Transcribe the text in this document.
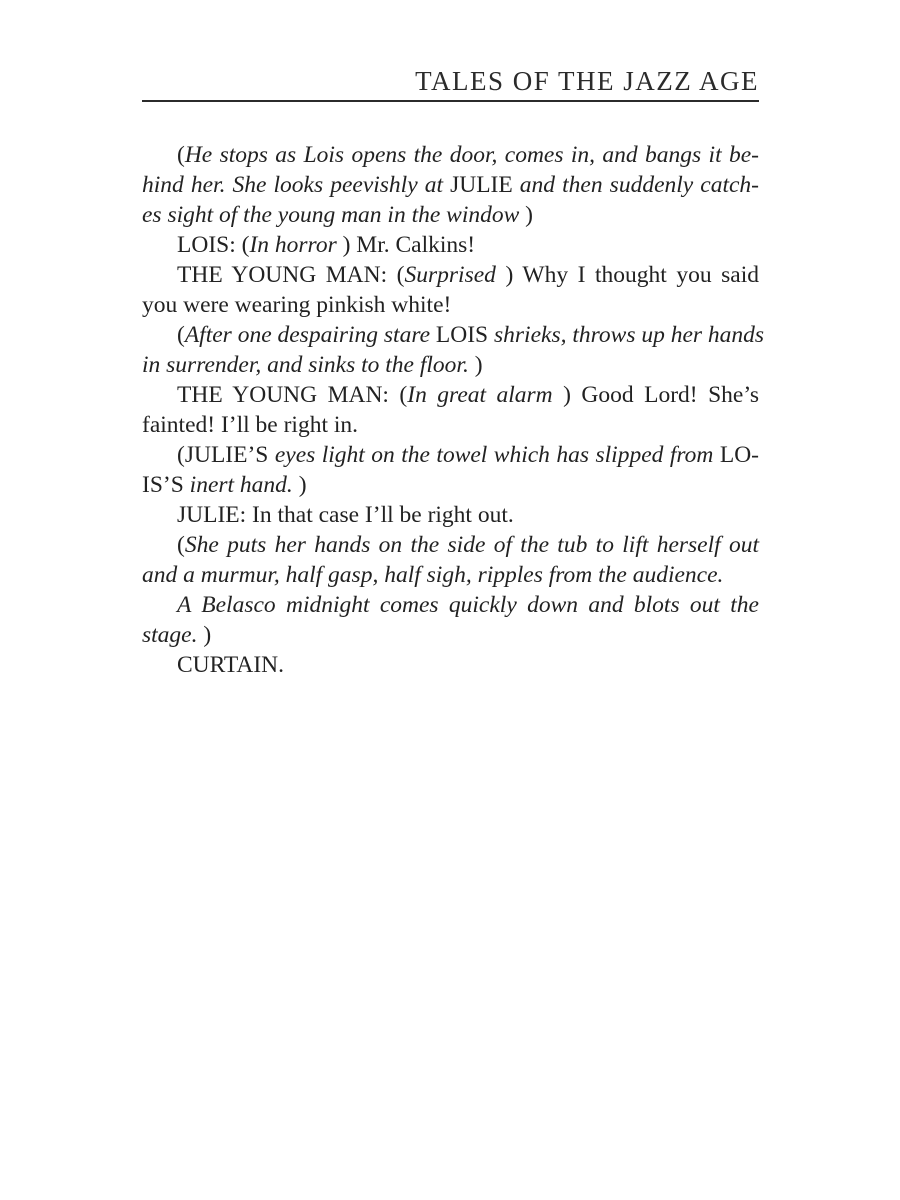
TALES OF THE JAZZ AGE
(He stops as Lois opens the door, comes in, and bangs it be-
hind her. She looks peevishly at JULIE and then suddenly catch-
es sight of the young man in the window )
LOIS: (In horror ) Mr. Calkins!
THE YOUNG MAN: (Surprised ) Why I thought you said
you were wearing pinkish white!
(After one despairing stare LOIS shrieks, throws up her hands
in surrender, and sinks to the floor. )
THE YOUNG MAN: (In great alarm ) Good Lord! She’s
fainted! I’ll be right in.
(JULIE’S eyes light on the towel which has slipped from LO-
IS’S inert hand. )
JULIE: In that case I’ll be right out.
(She puts her hands on the side of the tub to lift herself out
and a murmur, half gasp, half sigh, ripples from the audience.
A Belasco midnight comes quickly down and blots out the
stage. )
CURTAIN.
